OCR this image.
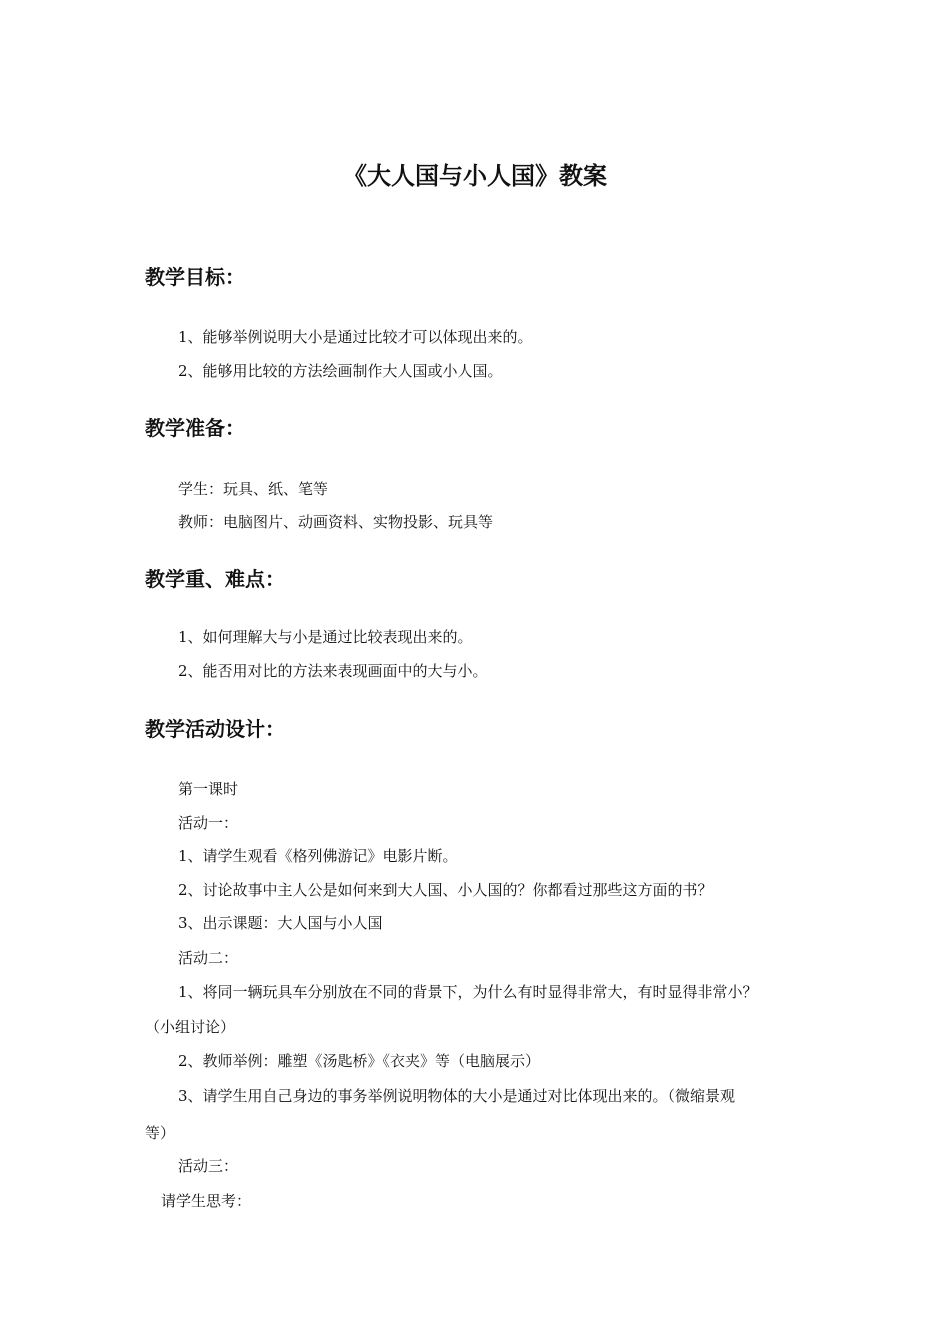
《大人国与小人国》教案
教学目标：

1、能够举例说明大小是通过比较才可以体现出来的。

2、能够用比较的方法绘画制作大人国或小人国。

教学准备：

学生：玩具、纸、笔等

教师：电脑图片、动画资料、实物投影、玩具等

教学重、难点：

1、如何理解大与小是通过比较表现出来的。

2、能否用对比的方法来表现画面中的大与小。

教学活动设计：

第一课时

活动一：

1、请学生观看《格列佛游记》电影片断。

2、讨论故事中主人公是如何来到大人国、小人国的？你都看过那些这方面的书？

3、出示课题：大人国与小人国

活动二：

1、将同一辆玩具车分别放在不同的背景下，为什么有时显得非常大，有时显得非常小？

（小组讨论）

2、教师举例：雕塑《汤匙桥》《衣夹》等（电脑展示）

3、请学生用自己身边的事务举例说明物体的大小是通过对比体现出来的。（微缩景观

等）

活动三：

请学生思考：
